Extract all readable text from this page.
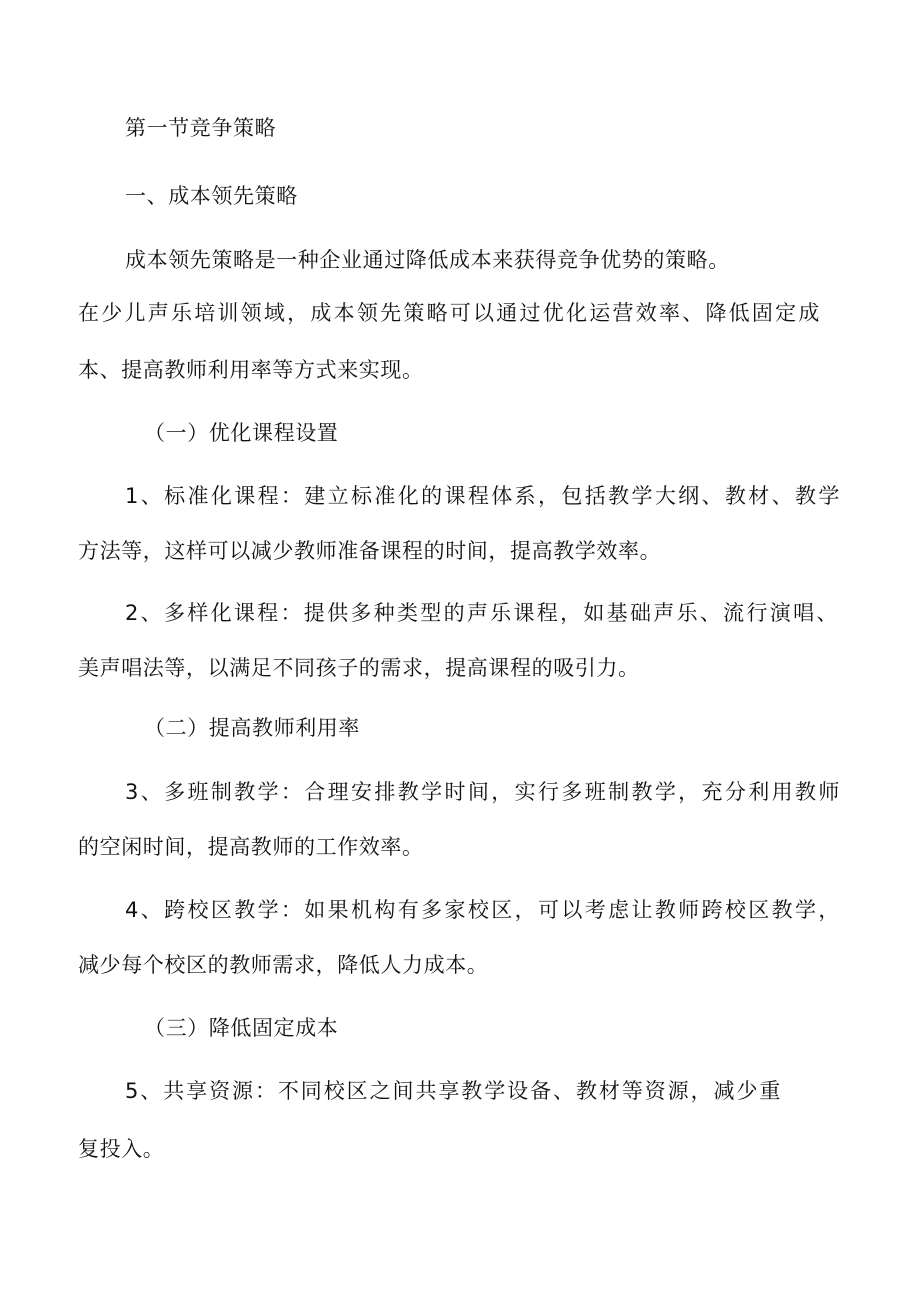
第一节竞争策略
一、成本领先策略
成本领先策略是一种企业通过降低成本来获得竞争优势的策略。
在少儿声乐培训领域，成本领先策略可以通过优化运营效率、降低固定成
本、提高教师利用率等方式来实现。
（一）优化课程设置
1、标准化课程：建立标准化的课程体系，包括教学大纲、教材、教学
方法等，这样可以减少教师准备课程的时间，提高教学效率。
2、多样化课程：提供多种类型的声乐课程，如基础声乐、流行演唱、
美声唱法等，以满足不同孩子的需求，提高课程的吸引力。
（二）提高教师利用率
3、多班制教学：合理安排教学时间，实行多班制教学，充分利用教师
的空闲时间，提高教师的工作效率。
4、跨校区教学：如果机构有多家校区，可以考虑让教师跨校区教学，
减少每个校区的教师需求，降低人力成本。
（三）降低固定成本
5、共享资源：不同校区之间共享教学设备、教材等资源，减少重
复投入。
